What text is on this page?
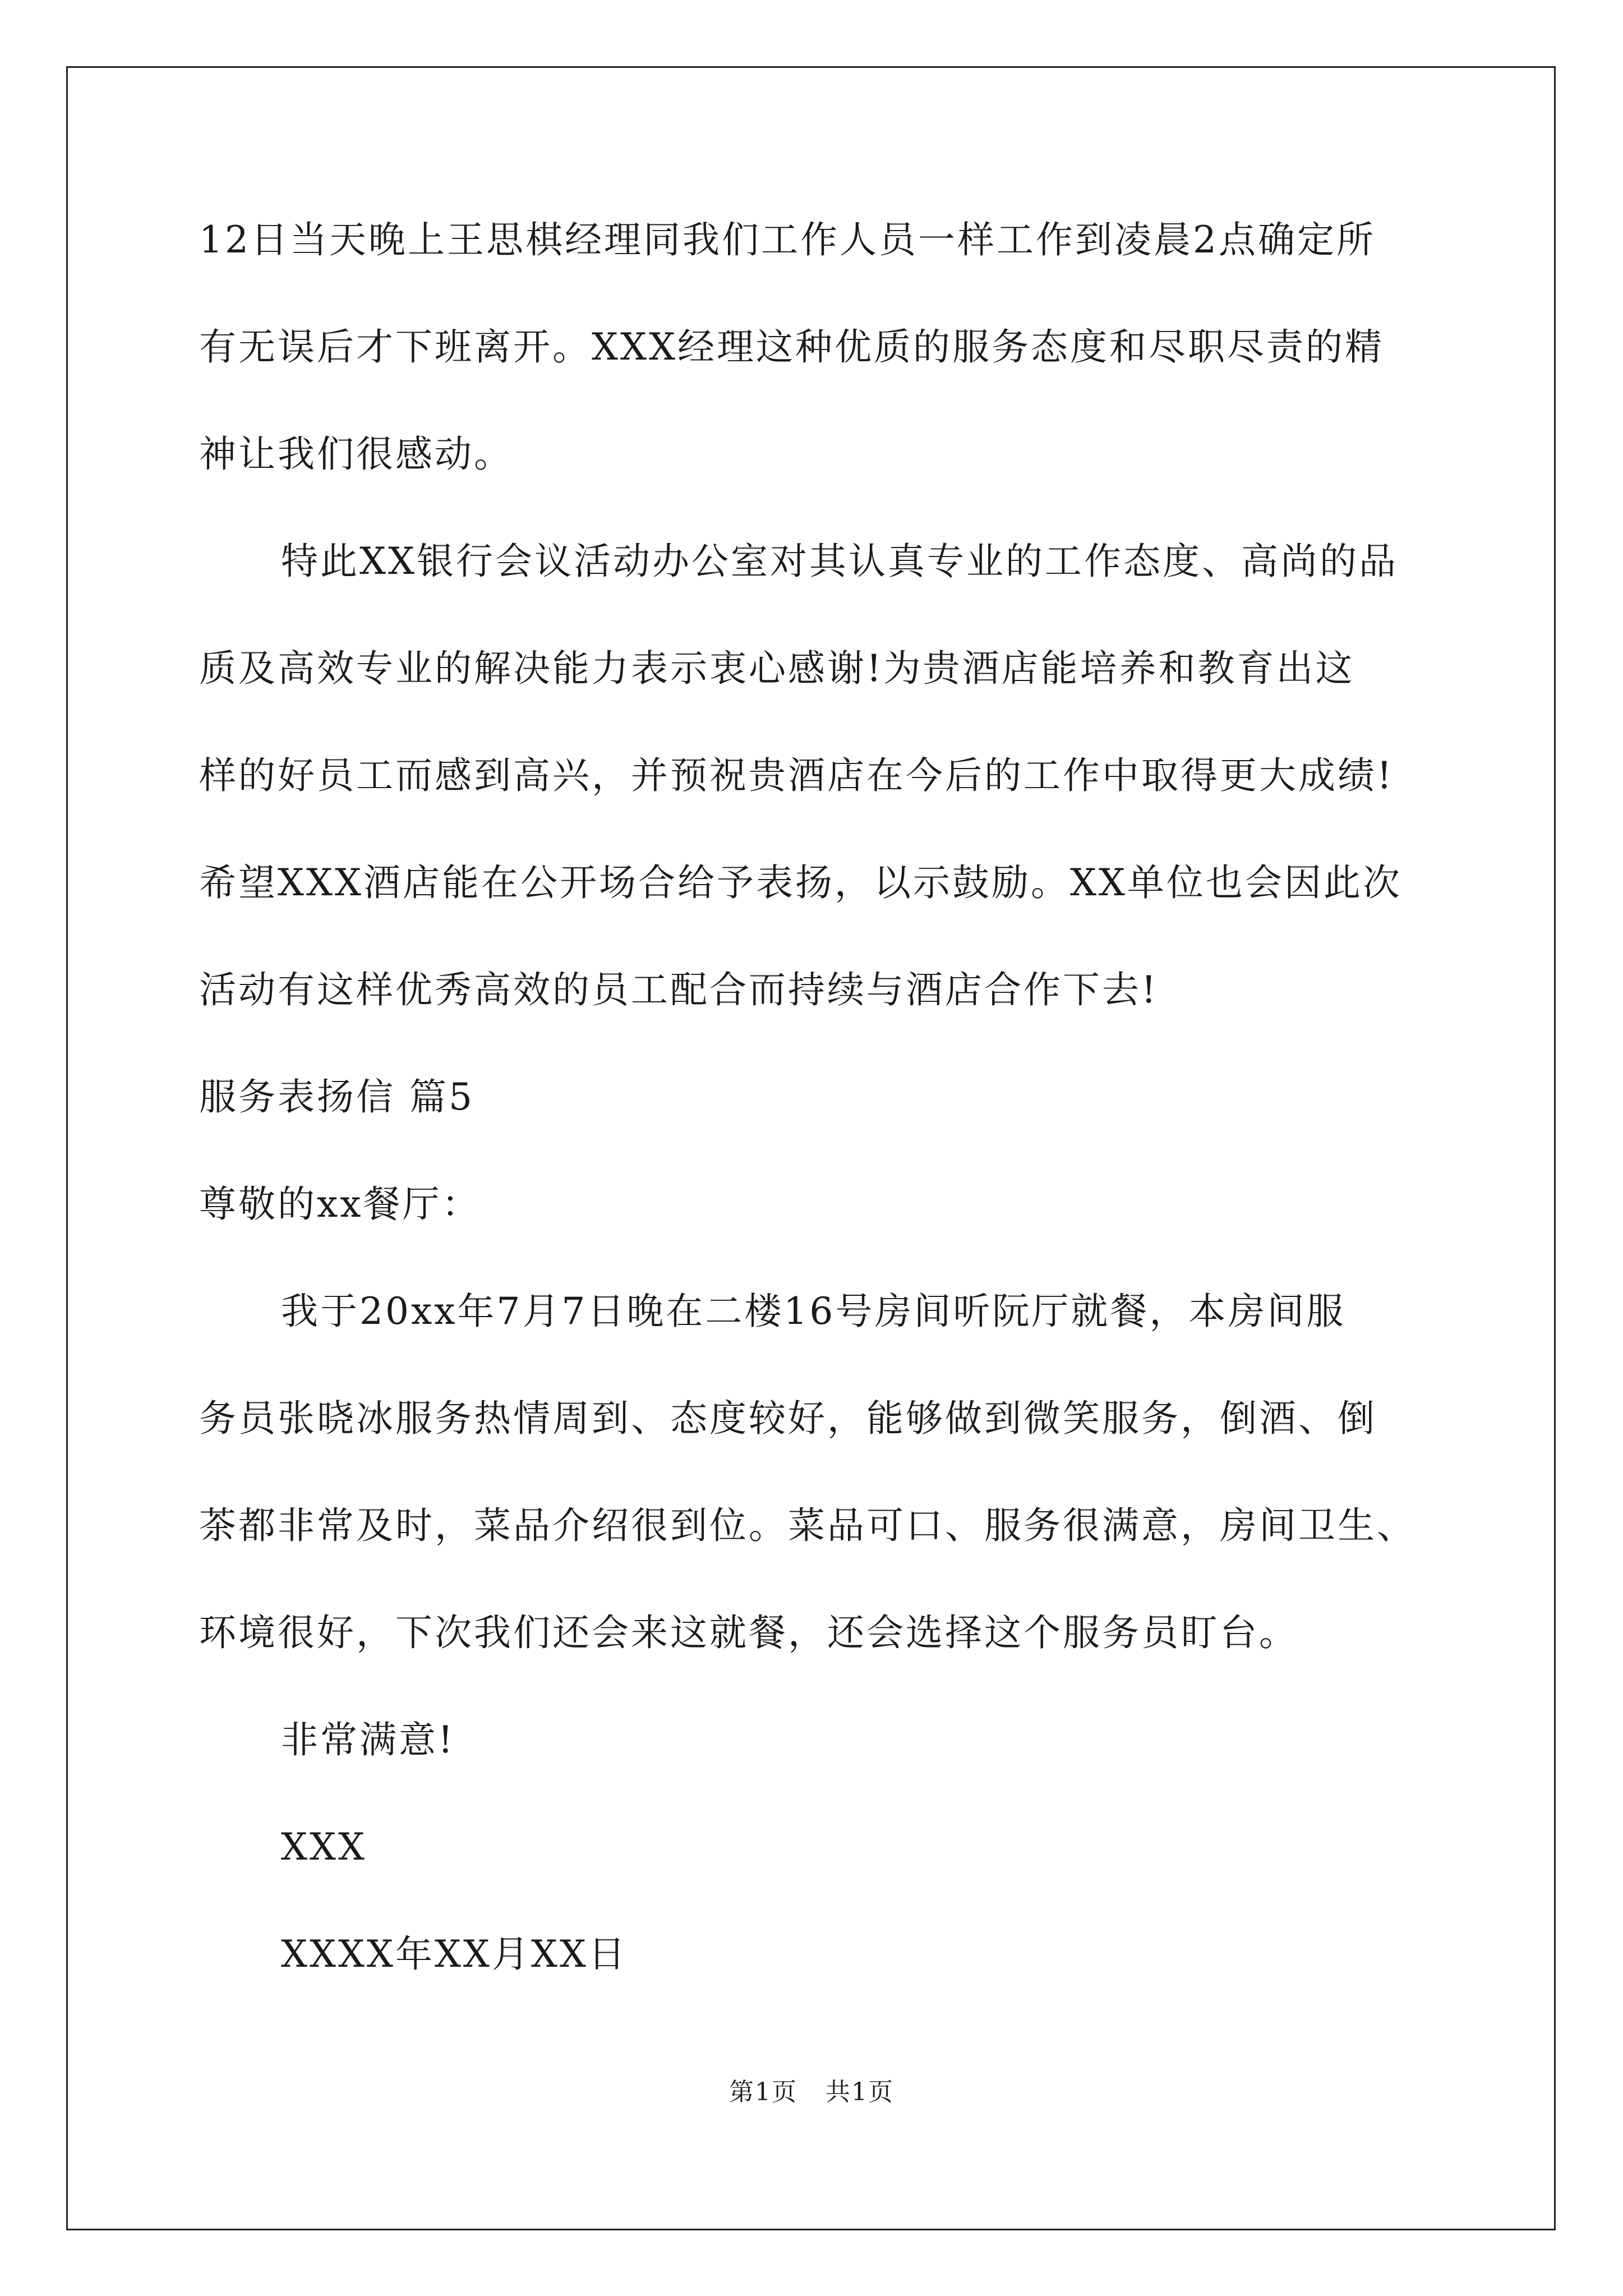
12日当天晚上王思棋经理同我们工作人员一样工作到凌晨2点确定所

有无误后才下班离开。XXX经理这种优质的服务态度和尽职尽责的精

神让我们很感动。

特此XX银行会议活动办公室对其认真专业的工作态度、高尚的品

质及高效专业的解决能力表示衷心感谢!为贵酒店能培养和教育出这

样的好员工而感到高兴，并预祝贵酒店在今后的工作中取得更大成绩!

希望XXX酒店能在公开场合给予表扬，以示鼓励。XX单位也会因此次

活动有这样优秀高效的员工配合而持续与酒店合作下去!

服务表扬信 篇5

尊敬的xx餐厅：

我于20xx年7月7日晚在二楼16号房间听阮厅就餐，本房间服

务员张晓冰服务热情周到、态度较好，能够做到微笑服务，倒酒、倒

茶都非常及时，菜品介绍很到位。菜品可口、服务很满意，房间卫生、

环境很好，下次我们还会来这就餐，还会选择这个服务员盯台。

非常满意!

XXX

XXXX年XX月XX日

第1页 共1页
